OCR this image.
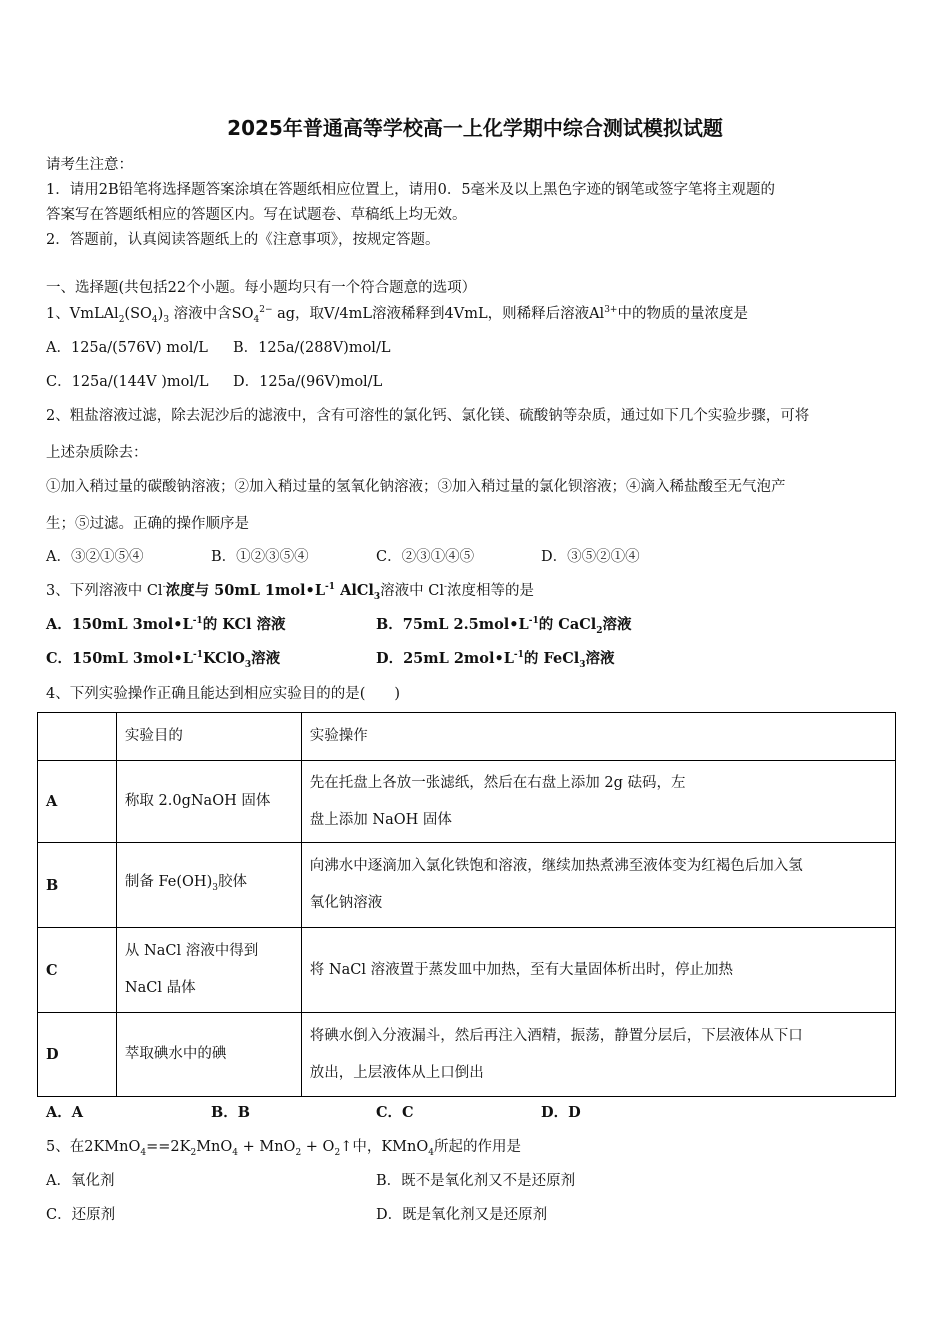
2025年普通高等学校高一上化学期中综合测试模拟试题
请考生注意：
1．请用2B铅笔将选择题答案涂填在答题纸相应位置上，请用0．5毫米及以上黑色字迹的钢笔或签字笔将主观题的
答案写在答题纸相应的答题区内。写在试题卷、草稿纸上均无效。
2．答题前，认真阅读答题纸上的《注意事项》，按规定答题。
一、选择题(共包括22个小题。每小题均只有一个符合题意的选项）
1、$VmLAl_2(SO_4)_3$ 溶液中含$SO_4^{2-}$ ag，取V/4mL溶液稀释到4VmL，则稀释后溶液$Al^{3+}$中的物质的量浓度是
A．125a/(576V) mol/L B．125a/(288V)mol/L
C．125a/(144V )mol/L D．125a/(96V)mol/L
2、粗盐溶液过滤，除去泥沙后的滤液中，含有可溶性的氯化钙、氯化镁、硫酸钠等杂质，通过如下几个实验步骤，可将
上述杂质除去：
①加入稍过量的碳酸钠溶液；②加入稍过量的氢氧化钠溶液；③加入稍过量的氯化钡溶液；④滴入稀盐酸至无气泡产
生；⑤过滤。正确的操作顺序是
A．③②①⑤④	B．①②③⑤④	C．②③①④⑤	D．③⑤②①④
3、下列溶液中 Cl-浓度与 50mL $1mol•L^{-1}$ AlCl$_3$溶液中 Cl-浓度相等的是
A．150mL $3mol•L^{-1}$的 KCl 溶液	B．75mL $2.5mol•L^{-1}$的 CaCl$_2$溶液
C．150mL $3mol•L^{-1}KClO_3$溶液	D．25mL $2mol•L^{-1}$的 FeCl$_3$溶液
4、下列实验操作正确且能达到相应实验目的的是(　　)
	实验目的	实验操作
A	称取 2.0gNaOH 固体	先在托盘上各放一张滤纸，然后在右盘上添加 2g 砝码，左
盘上添加 NaOH 固体

B	制备 $Fe(OH)_3$胶体	向沸水中逐滴加入氯化铁饱和溶液，继续加热煮沸至液体变为红褐色后加入氢
氧化钠溶液

C	从 NaCl 溶液中得到
NaCl 晶体	将 NaCl 溶液置于蒸发皿中加热，至有大量固体析出时，停止加热
D	萃取碘水中的碘	将碘水倒入分液漏斗，然后再注入酒精，振荡，静置分层后，下层液体从下口
放出，上层液体从上口倒出
A．A	B．B	C．C	D．D
5、在$2KMnO_4==2K_2MnO_4 + MnO_2$ + $O_2↑$中，KMnO$_4$所起的作用是
A．氧化剂	B．既不是氧化剂又不是还原剂
C．还原剂	D．既是氧化剂又是还原剂
